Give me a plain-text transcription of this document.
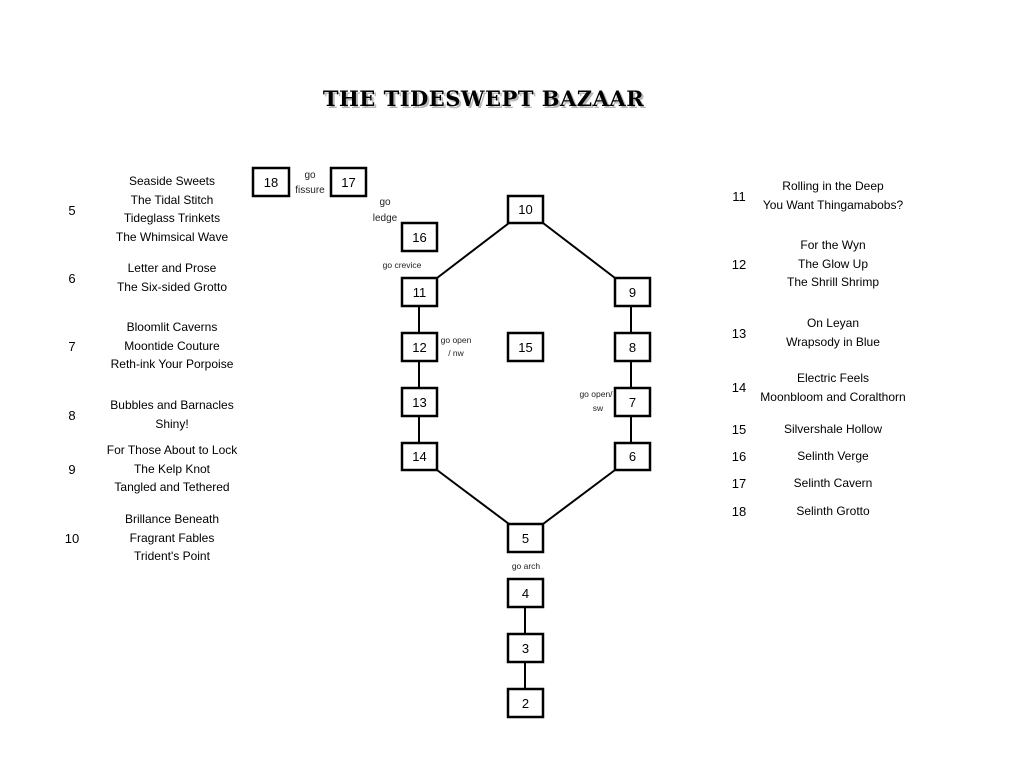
THE TIDESWEPT BAZAAR
2
3
4
5
6
7
8
9
10
11
12
13
14
15
16
17
18	go
fissure
go
ledge
go crevice
go open
/ nw
go open/
sw
go arch
5
Seaside Sweets
The Tidal Stitch
Tideglass Trinkets
The Whimsical Wave
6
Letter and Prose
The Six-sided Grotto
7
Bloomlit Caverns
Moontide Couture
Reth-ink Your Porpoise
8
Bubbles and Barnacles
Shiny!
9
For Those About to Lock
The Kelp Knot
Tangled and Tethered
10
Brillance Beneath
Fragrant Fables
Trident's Point
11
Rolling in the Deep
You Want Thingamabobs?
12
For the Wyn
The Glow Up
The Shrill Shrimp
13
On Leyan
Wrapsody in Blue
14
Electric Feels
Moonbloom and Coralthorn
15	Silvershale Hollow
16	Selinth Verge
17	Selinth Cavern
18	Selinth Grotto
